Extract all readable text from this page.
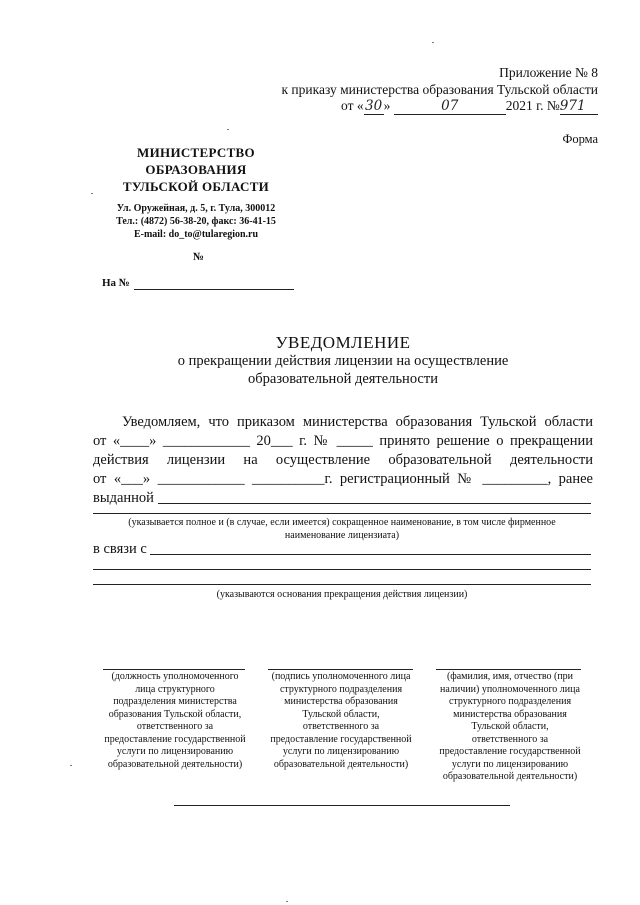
Приложение № 8
к приказу министерства образования Тульской области
от «30»	07	2021 г. №971
Форма
МИНИСТЕРСТВО
ОБРАЗОВАНИЯ
ТУЛЬСКОЙ ОБЛАСТИ
Ул. Оружейная, д. 5, г. Тула, 300012
Тел.: (4872) 56-38-20, факс: 36-41-15
E-mail: do_to@tularegion.ru
№
На №
УВЕДОМЛЕНИЕ
о прекращении действия лицензии на осуществление
образовательной деятельности
Уведомляем, что приказом министерства образования Тульской области
от «____» ____________ 20___ г. № _____ принято решение о прекращении
действия лицензии на осуществление образовательной деятельности
от «___» ____________ __________г. регистрационный № _________, ранее
выданной
(указывается полное и (в случае, если имеется) сокращенное наименование, в том числе фирменное
наименование лицензиата)
в связи с
(указываются основания прекращения действия лицензии)
(должность уполномоченного
лица структурного
подразделения министерства
образования Тульской области,
ответственного за
предоставление государственной
услуги по лицензированию
образовательной деятельности)
(подпись уполномоченного лица
структурного подразделения
министерства образования
Тульской области,
ответственного за
предоставление государственной
услуги по лицензированию
образовательной деятельности)
(фамилия, имя, отчество (при
наличии) уполномоченного лица
структурного подразделения
министерства образования
Тульской области,
ответственного за
предоставление государственной
услуги по лицензированию
образовательной деятельности)
